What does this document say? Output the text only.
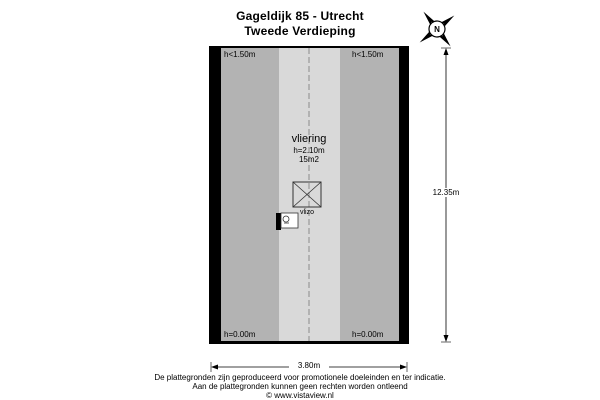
Gageldijk 85 - Utrecht
Tweede Verdieping	N
h<1.50m	h<1.50m
h=0.00m	h=0.00m
vliering
h=2.10m
15m2
vlizo
12.35m
3.80m
De plattegronden zijn geproduceerd voor promotionele doeleinden en ter indicatie.
Aan de plattegronden kunnen geen rechten worden ontleend
© www.vistaview.nl
